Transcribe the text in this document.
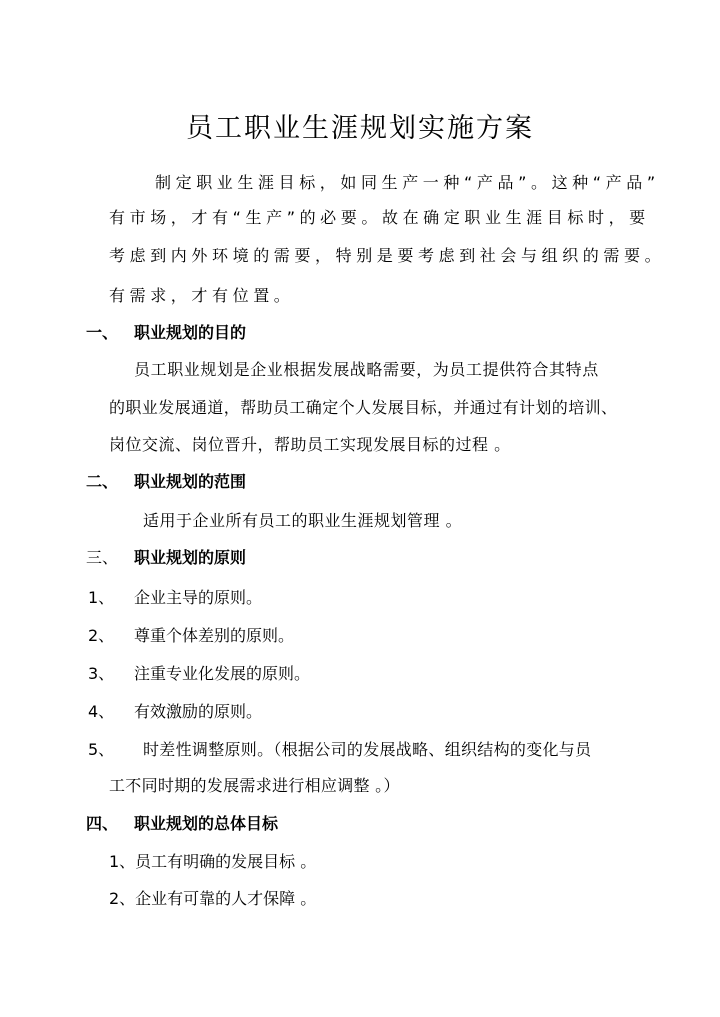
员工职业生涯规划实施方案
制定职业生涯目标，如同生产一种“产品”。这种“产品”
有市场，才有“生产”的必要。故在确定职业生涯目标时，要
考虑到内外环境的需要，特别是要考虑到社会与组织的需要。
有需求，才有位置。
一、 职业规划的目的
员工职业规划是企业根据发展战略需要，为员工提供符合其特点
的职业发展通道，帮助员工确定个人发展目标，并通过有计划的培训、
岗位交流、岗位晋升，帮助员工实现发展目标的过程 。
二、 职业规划的范围
适用于企业所有员工的职业生涯规划管理 。
三、 职业规划的原则
1、 企业主导的原则。
2、 尊重个体差别的原则。
3、 注重专业化发展的原则。
4、 有效激励的原则。
5、 时差性调整原则。（根据公司的发展战略、组织结构的变化与员
工不同时期的发展需求进行相应调整 。）
四、 职业规划的总体目标
1、员工有明确的发展目标 。
2、企业有可靠的人才保障 。
